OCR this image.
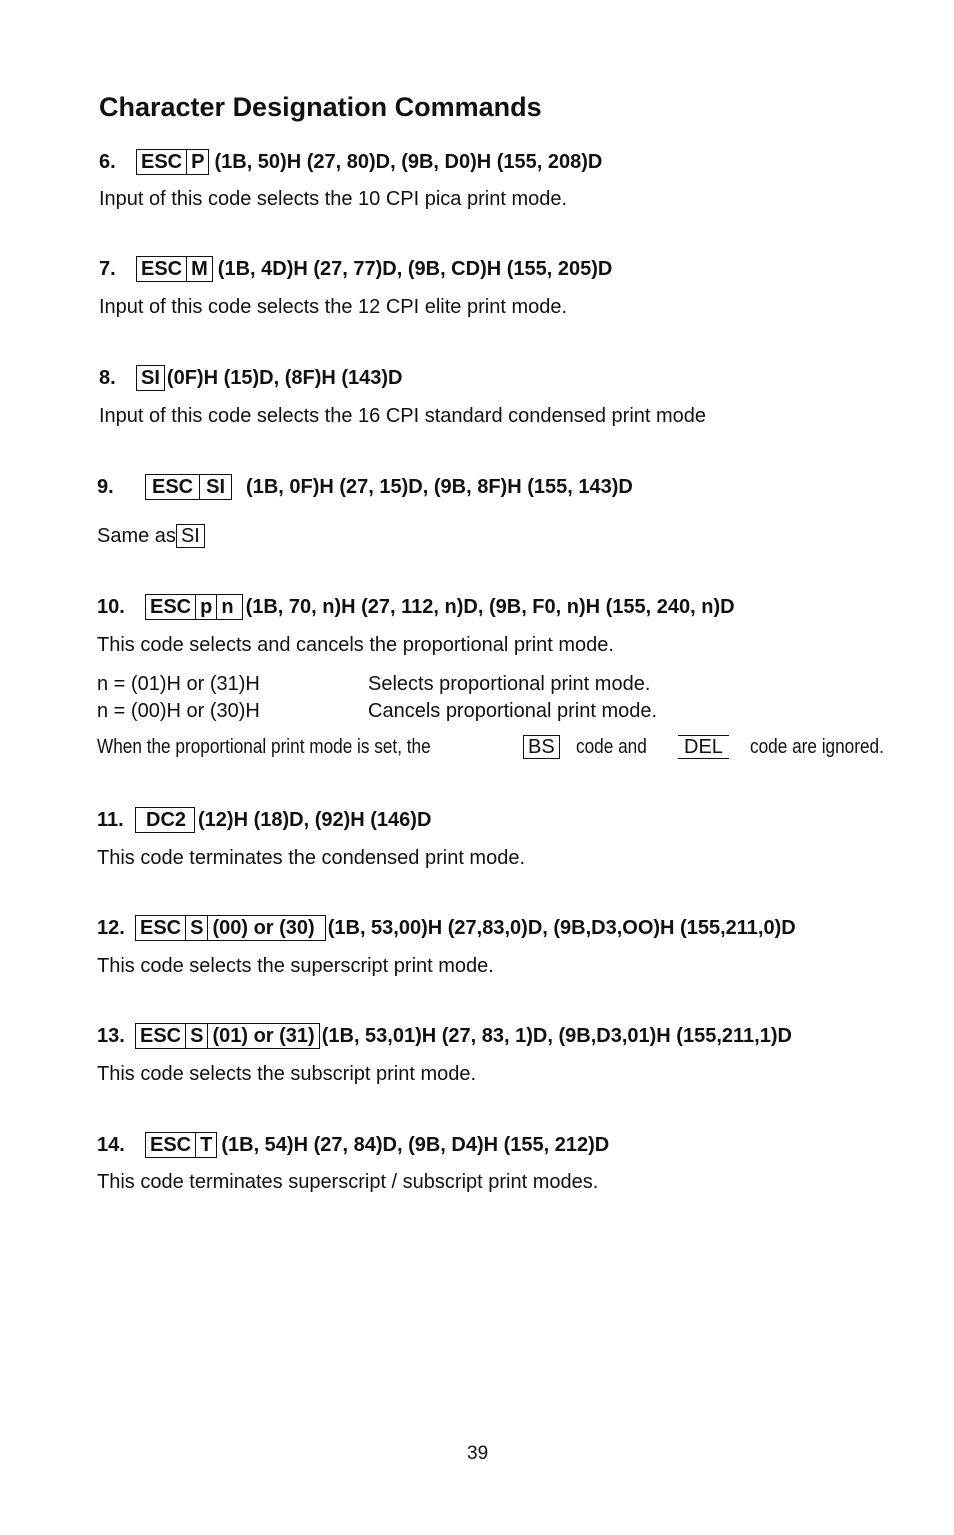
Character Designation Commands
6.	ESC P (1B, 50)H (27, 80)D, (9B, D0)H (155, 208)D
Input of this code selects the 10 CPI pica print mode.
7.	ESC M (1B, 4D)H (27, 77)D, (9B, CD)H (155, 205)D
Input of this code selects the 12 CPI elite print mode.
8.	SI (0F)H (15)D, (8F)H (143)D
Input of this code selects the 16 CPI standard condensed print mode
9.	ESC SI	(1B, 0F)H (27, 15)D, (9B, 8F)H (155, 143)D
Same as SI
10.	ESC p n (1B, 70, n)H (27, 112, n)D, (9B, F0, n)H (155, 240, n)D
This code selects and cancels the proportional print mode.
n = (01)H or (31)H	Selects proportional print mode.
n = (00)H or (30)H	Cancels proportional print mode.
When the proportional print mode is set, the	BS code and	DEL	code are ignored.
11.	DC2 (12)H (18)D, (92)H (146)D
This code terminates the condensed print mode.
12. ESC S (00) or (30) (1B, 53,00)H (27,83,0)D, (9B,D3,OO)H (155,211,0)D
This code selects the superscript print mode.
13. ESC S (01) or (31) (1B, 53,01)H (27, 83, 1)D, (9B,D3,01)H (155,211,1)D
This code selects the subscript print mode.
14.	ESC T (1B, 54)H (27, 84)D, (9B, D4)H (155, 212)D
This code terminates superscript / subscript print modes.
39
